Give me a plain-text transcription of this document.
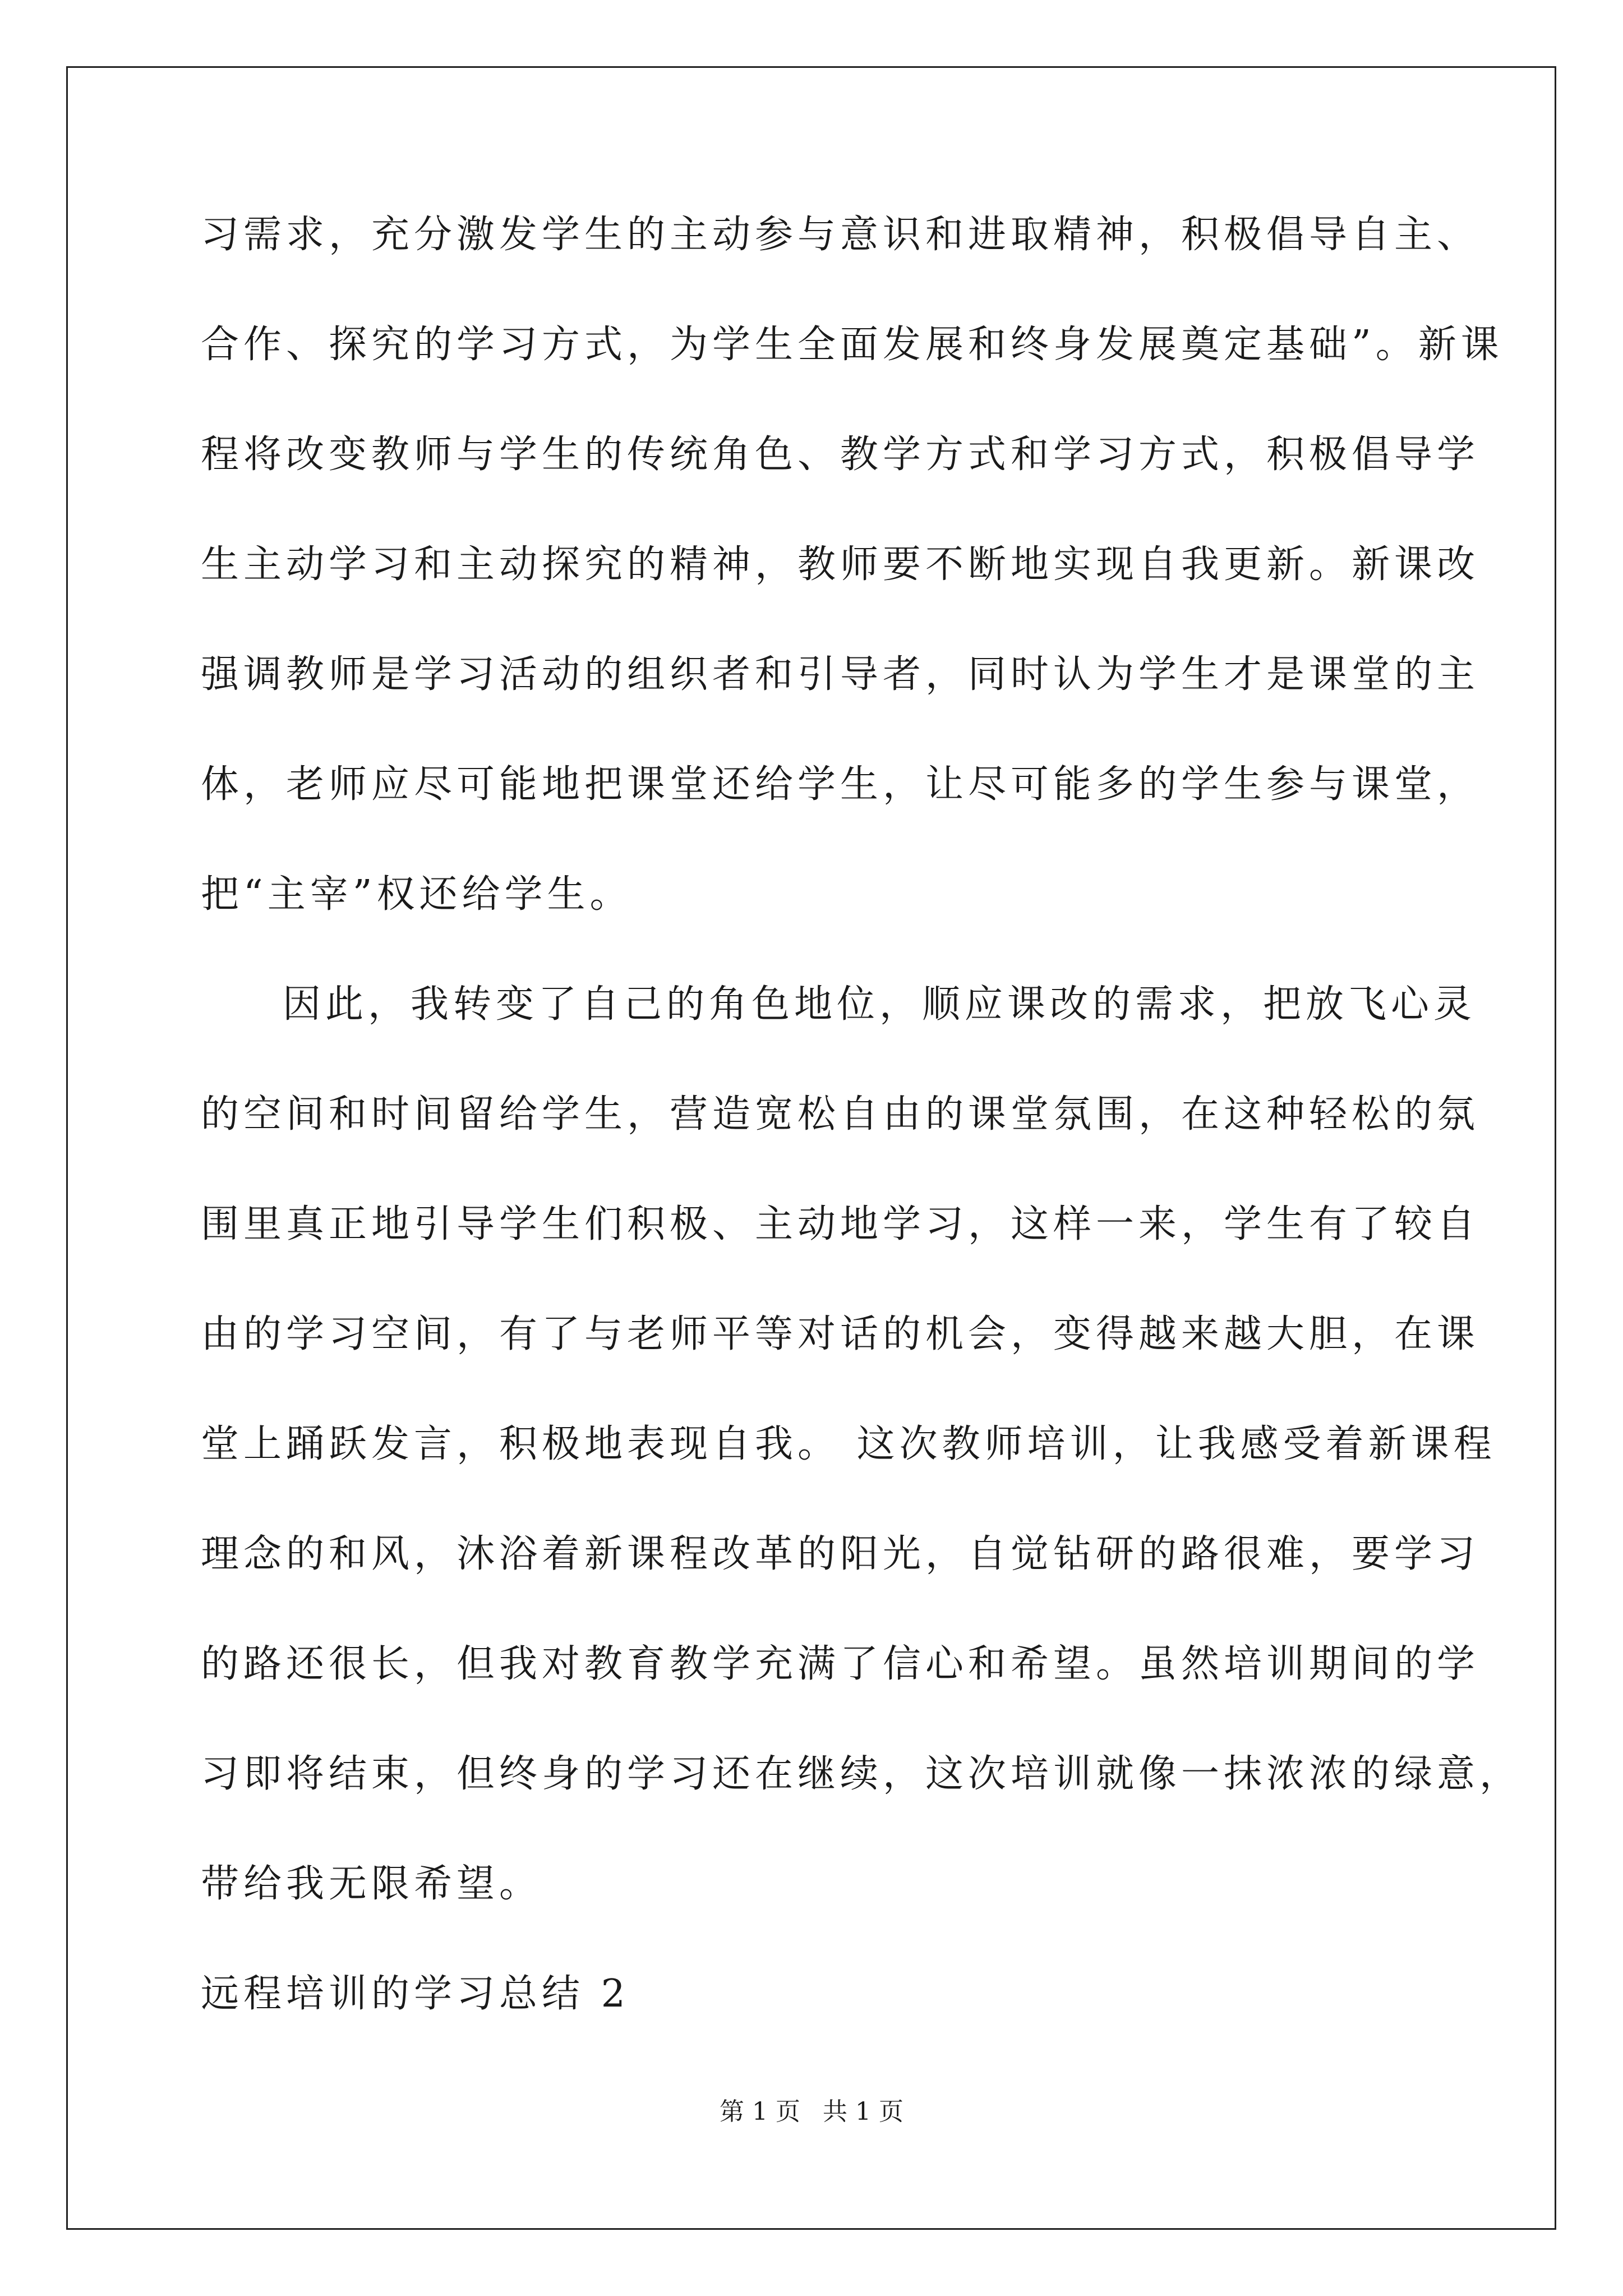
习需求，充分激发学生的主动参与意识和进取精神，积极倡导自主、
合作、探究的学习方式，为学生全面发展和终身发展奠定基础”。新课
程将改变教师与学生的传统角色、教学方式和学习方式，积极倡导学
生主动学习和主动探究的精神，教师要不断地实现自我更新。新课改
强调教师是学习活动的组织者和引导者，同时认为学生才是课堂的主
体，老师应尽可能地把课堂还给学生，让尽可能多的学生参与课堂，
把“主宰”权还给学生。
因此，我转变了自己的角色地位，顺应课改的需求，把放飞心灵
的空间和时间留给学生，营造宽松自由的课堂氛围，在这种轻松的氛
围里真正地引导学生们积极、主动地学习，这样一来，学生有了较自
由的学习空间，有了与老师平等对话的机会，变得越来越大胆，在课
堂上踊跃发言，积极地表现自我。 这次教师培训，让我感受着新课程
理念的和风，沐浴着新课程改革的阳光，自觉钻研的路很难，要学习
的路还很长，但我对教育教学充满了信心和希望。虽然培训期间的学
习即将结束，但终身的学习还在继续，这次培训就像一抹浓浓的绿意，
带给我无限希望。
远程培训的学习总结 2
第 1 页 共 1 页
